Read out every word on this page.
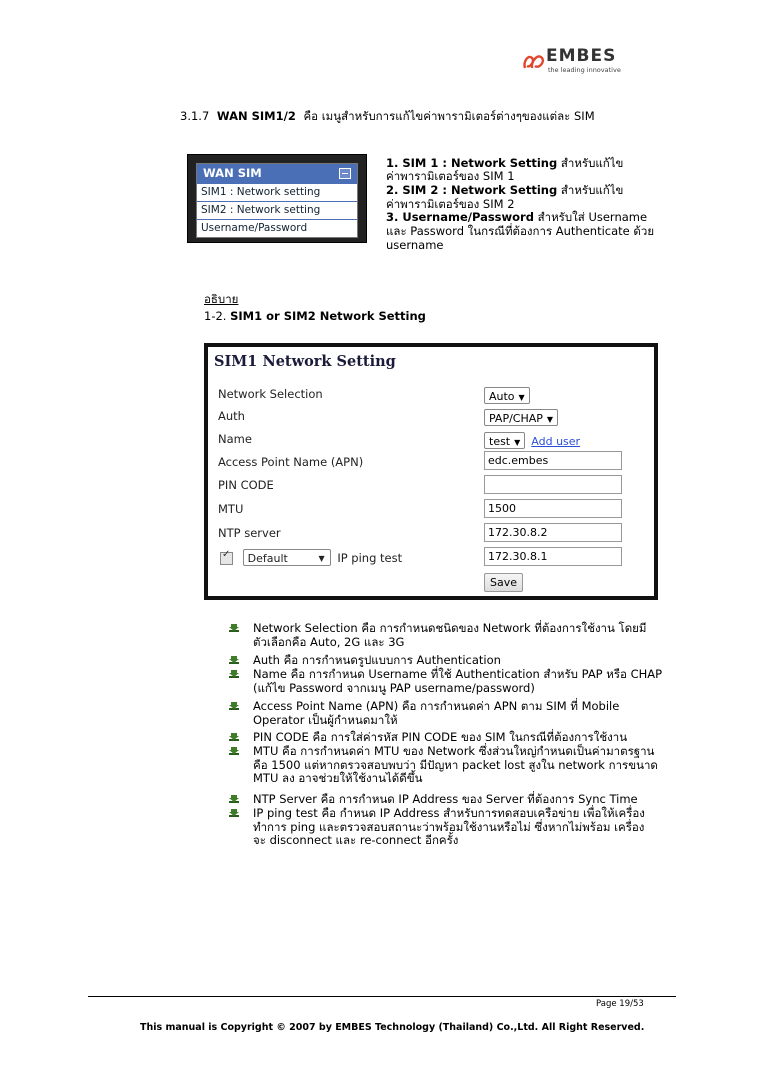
EMBES
the leading innovative
3.1.7 WAN SIM1/2 คือ เมนูสำหรับการแก้ไขค่าพารามิเตอร์ต่างๆของแต่ละ SIM
WAN SIM
SIM1 : Network setting
SIM2 : Network setting
Username/Password
1. SIM 1 : Network Setting สำหรับแก้ไข
ค่าพารามิเตอร์ของ SIM 1
2. SIM 2 : Network Setting สำหรับแก้ไข
ค่าพารามิเตอร์ของ SIM 2
3. Username/Password สำหรับใส่ Username
และ Password ในกรณีที่ต้องการ Authenticate ด้วย
username
อธิบาย
1-2. SIM1 or SIM2 Network Setting
SIM1 Network Setting
Network Selection	Auto ▼
Auth	PAP/CHAP ▼
Name	test ▼ Add user
Access Point Name (APN)	edc.embes
PIN CODE
MTU	1500
NTP server	172.30.8.2
✓ Default	▼ IP ping test	172.30.8.1
Save
Network Selection คือ การกำหนดชนิดของ Network ที่ต้องการใช้งาน โดยมี
ตัวเลือกคือ Auto, 2G และ 3G
Auth คือ การกำหนดรูปแบบการ Authentication
Name คือ การกำหนด Username ที่ใช้ Authentication สำหรับ PAP หรือ CHAP
(แก้ไข Password จากเมนู PAP username/password)
Access Point Name (APN) คือ การกำหนดค่า APN ตาม SIM ที่ Mobile
Operator เป็นผู้กำหนดมาให้
PIN CODE คือ การใส่ค่ารหัส PIN CODE ของ SIM ในกรณีที่ต้องการใช้งาน
MTU คือ การกำหนดค่า MTU ของ Network ซึ่งส่วนใหญ่กำหนดเป็นค่ามาตรฐาน
คือ 1500 แต่หากตรวจสอบพบว่า มีปัญหา packet lost สูงใน network การขนาด
MTU ลง อาจช่วยให้ใช้งานได้ดีขึ้น
NTP Server คือ การกำหนด IP Address ของ Server ที่ต้องการ Sync Time
IP ping test คือ กำหนด IP Address สำหรับการทดสอบเครือข่าย เพื่อให้เครื่อง
ทำการ ping และตรวจสอบสถานะว่าพร้อมใช้งานหรือไม่ ซึ่งหากไม่พร้อม เครื่อง
จะ disconnect และ re-connect อีกครั้ง
Page 19/53
This manual is Copyright © 2007 by EMBES Technology (Thailand) Co.,Ltd. All Right Reserved.
